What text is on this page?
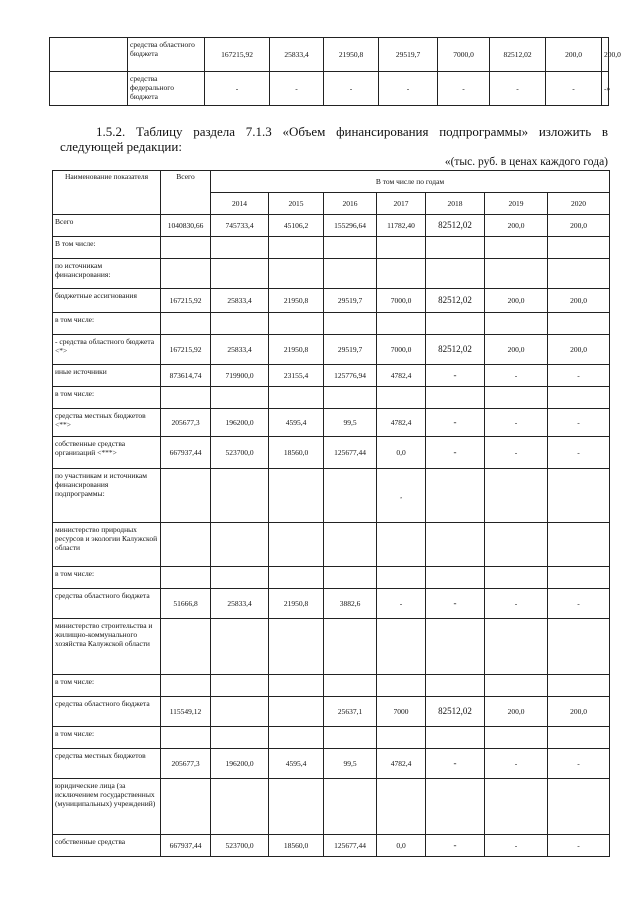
	средства областного бюджета	167215,92	25833,4	21950,8	29519,7	7000,0	82512,02	200,0	200,0
	средства федерального бюджета	-	-	-	-	-	-	-	-»
1.5.2. Таблицу раздела 7.1.3 «Объем финансирования подпрограммы» изложить в следующей редакции:
«(тыс. руб. в ценах каждого года)
Наименование показателя	Всего	В том числе по годам						
		2014	2015	2016	2017	2018	2019	2020
Всего	1040830,66	745733,4	45106,2	155296,64	11782,40	82512,02	200,0	200,0
В том числе:								
по источникам финансирования:								
бюджетные ассигнования	167215,92	25833,4	21950,8	29519,7	7000,0	82512,02	200,0	200,0
в том числе:								
- средства областного бюджета <*>	167215,92	25833,4	21950,8	29519,7	7000,0	82512,02	200,0	200,0
иные источники	873614,74	719900,0	23155,4	125776,94	4782,4	-	-	-
в том числе:								
средства местных бюджетов <**>	205677,3	196200,0	4595,4	99,5	4782,4	-	-	-
собственные средства организаций <***>	667937,44	523700,0	18560,0	125677,44	0,0	-	-	-
по участникам и источникам финансирования подпрограммы:					,			
министерство природных ресурсов и экологии Калужской области								
в том числе:								
средства областного бюджета	51666,8	25833,4	21950,8	3882,6	-	-	-	-
министерство строительства и жилищно-коммунального хозяйства Калужской области								
в том числе:								
средства областного бюджета	115549,12			25637,1	7000	82512,02	200,0	200,0
в том числе:								
средства местных бюджетов	205677,3	196200,0	4595,4	99,5	4782,4	-	-	-
юридические лица (за исключением государственных (муниципальных) учреждений)								
собственные средства	667937,44	523700,0	18560,0	125677,44	0,0	-	-	-
